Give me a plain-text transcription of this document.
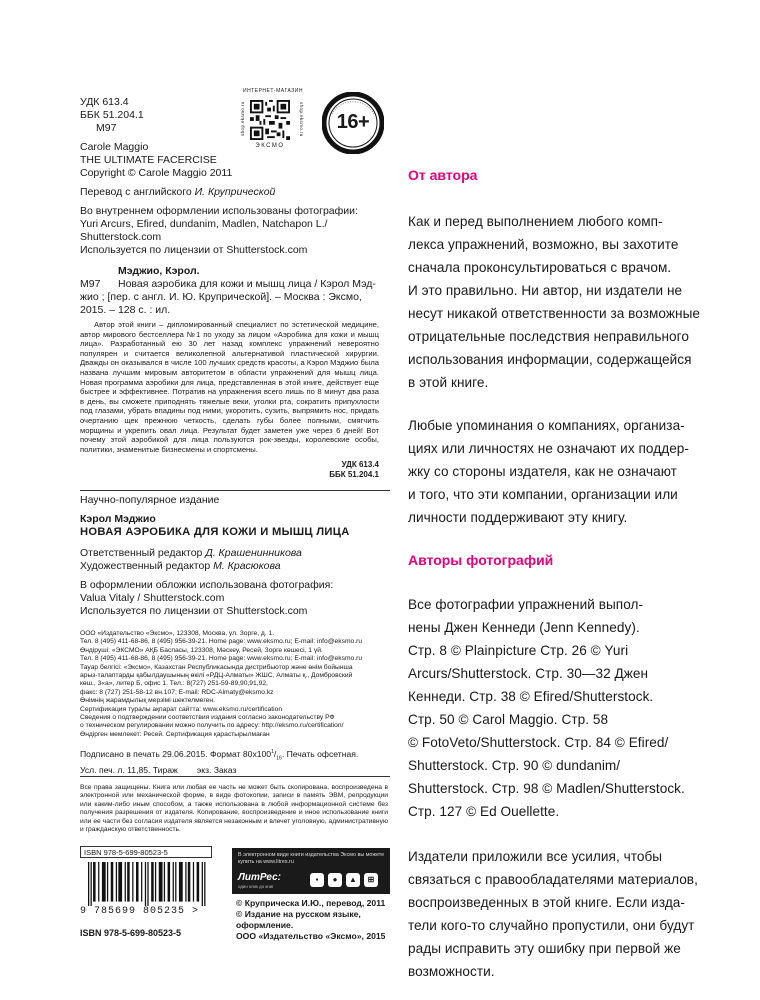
УДК 613.4
ББК 51.204.1
М97
Carole Maggio
THE ULTIMATE FACERCISE
Copyright © Carole Maggio 2011
Перевод с английского И. Крупрической
Во внутреннем оформлении использованы фотографии:
Yuri Arcurs, Efired, dundanim, Madlen, Natchapon L./ Shutterstock.com
Используется по лицензии от Shutterstock.com
Мэджио, Кэрол.
М97	Новая аэробика для кожи и мышц лица / Кэрол Мэд-
жио ; [пер. с англ. И. Ю. Крупрической]. – Москва : Эксмо,
2015. – 128 с. : ил.
Автор этой книги – дипломированный специалист по эстетической медицине, автор мирового бестселлера №1 по уходу за лицом «Аэробика для кожи и мышц лица». Разработанный ею 30 лет назад комплекс упражнений невероятно популярен и считается великолепной альтернативой пластической хирургии. Дважды он оказывался в числе 100 лучших средств красоты, а Кэрол Мэджио была названа лучшим мировым авторитетом в области упражнений для мышц лица. Новая программа аэробики для лица, представленная в этой книге, действует еще быстрее и эффективнее. Потратив на упражнения всего лишь по 8 минут два раза в день, вы сможете приподнять тяжелые веки, уголки рта, сократить припухлости под глазами, убрать впадины под ними, укоротить, сузить, выпрямить нос, придать очертанию щек прежнюю четкость, сделать губы более полными, смягчить морщины и укрепить овал лица. Результат будет заметен уже через 6 дней! Вот почему этой аэробикой для лица пользуются рок-звезды, королевские особы, политики, знаменитые бизнесмены и спортсмены.
УДК 613.4
ББК 51.204.1
Научно-популярное издание
Кэрол Мэджио
НОВАЯ АЭРОБИКА ДЛЯ КОЖИ И МЫШЦ ЛИЦА
Ответственный редактор Д. Крашенинникова
Художественный редактор М. Красюкова
В оформлении обложки использована фотография:
Valua Vitaly / Shutterstock.com
Используется по лицензии от Shutterstock.com
ООО «Издательство «Эксмо», 123308, Москва, ул. Зорге, д. 1.
Тел. 8 (495) 411-68-86, 8 (495) 956-39-21. Home page: www.eksmo.ru; E-mail: info@eksmo.ru
Өндіруші: «ЭКСМО» АҚБ Баспасы, 123308, Мәскеу, Ресей, Зорге көшесі, 1 үй.
Тел. 8 (495) 411-68-86, 8 (495) 956-39-21. Home page: www.eksmo.ru; E-mail: info@eksmo.ru
Тауар белгісі: «Эксмо», Казахстан Республикасында дистрибьютор және өнім бойынша
арыз-талаптарды қабылдаушының өкілі «РДЦ-Алматы» ЖШС, Алматы қ., Домбровский
көш., 3«а», литер Б, офис 1. Тел.: 8(727) 251-59-89,90,91,92,
факс: 8 (727) 251-58-12 вн.107; E-mail: RDC-Almaty@eksmo.kz
Өнімнің жарамдылық мерзімі шектелмеген.
Сертификация туралы ақпарат сайтта: www.eksmo.ru/certification
Сведения о подтверждении соответствия издания согласно законодательству РФ
о техническом регулировании можно получить по адресу: http://eksmo.ru/certification/
Өндірген мемлекет: Ресей. Сертификация қарастырылмаған
Подписано в печать 29.06.2015. Формат $80x100^1/_{16}$. Печать офсетная.
Усл. печ. л. 11,85. Тираж        экз. Заказ
Все права защищены. Книга или любая ее часть не может быть скопирована, воспроизведена в электронной или механической форме, в виде фотокопии, записи в память ЭВМ, репродукции или каким-либо иным способом, а также использована в любой информационной системе без получения разрешения от издателя. Копирование, воспроизведение и иное использование книги или ее части без согласия издателя является незаконным и влечет уголовную, административную и гражданскую ответственность.
ИНТЕРНЕТ-МАГАЗИН
shop.eksmo.ru	shop.eksmo.ru
ЭКСМО
16+
ISBN 978-5-699-80523-5
9 785699 805235 >
ISBN 978-5-699-80523-5
В электронном виде книги издательства Эксмо вы можете купить на www.litres.ru
ЛитРес:
один клик до книг
▪	●	▲	⊞
© Круприческа И.Ю., перевод, 2011
© Издание на русском языке, оформление.
ООО «Издательство «Эксмо», 2015
От автора
Как и перед выполнением любого комп-
лекса упражнений, возможно, вы захотите
сначала проконсультироваться с врачом.
И это правильно. Ни автор, ни издатели не
несут никакой ответственности за возможные
отрицательные последствия неправильного
использования информации, содержащейся
в этой книге.
Любые упоминания о компаниях, организа-
циях или личностях не означают их поддер-
жку со стороны издателя, как не означают
и того, что эти компании, организации или
личности поддерживают эту книгу.
Авторы фотографий
Все фотографии упражнений выпол-
нены Джен Кеннеди (Jenn Kennedy).
Стр. 8 © Plainpicture Стр. 26 © Yuri
Arcurs/Shutterstock. Стр. 30—32 Джен
Кеннеди. Стр. 38 © Efired/Shutterstock.
Стр. 50 © Carol Maggio. Стр. 58
© FotoVeto/Shutterstock. Стр. 84 © Efired/
Shutterstock. Стр. 90 © dundanim/
Shutterstock. Стр. 98 © Madlen/Shutterstock.
Стр. 127 © Ed Ouellette.
Издатели приложили все усилия, чтобы
связаться с правообладателями материалов,
воспроизведенных в этой книге. Если изда-
тели кого-то случайно пропустили, они будут
рады исправить эту ошибку при первой же
возможности.
